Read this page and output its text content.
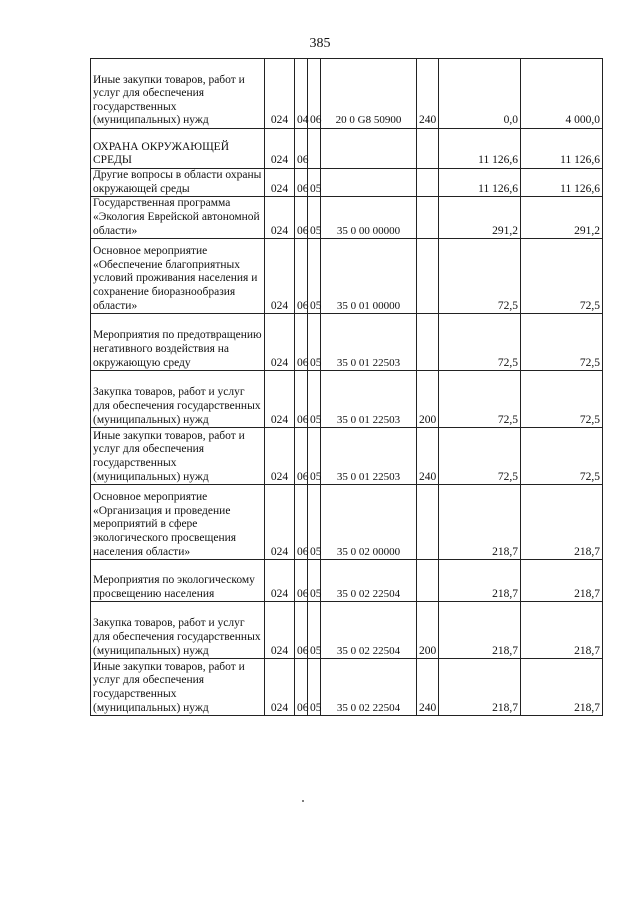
385
Иные закупки товаров, работ и услуг для обеспечения государственных (муниципальных) нужд	024	04	06	20 0 G8 50900	240	0,0	4 000,0
ОХРАНА ОКРУЖАЮЩЕЙ СРЕДЫ	024	06				11 126,6	11 126,6
Другие вопросы в области охраны окружающей среды	024	06	05			11 126,6	11 126,6
Государственная программа «Экология Еврейской автономной области»	024	06	05	35 0 00 00000		291,2	291,2
Основное мероприятие «Обеспечение благоприятных условий проживания населения и сохранение биоразнообразия области»	024	06	05	35 0 01 00000		72,5	72,5
Мероприятия по предотвращению негативного воздействия на окружающую среду	024	06	05	35 0 01 22503		72,5	72,5
Закупка товаров, работ и услуг для обеспечения государственных (муниципальных) нужд	024	06	05	35 0 01 22503	200	72,5	72,5
Иные закупки товаров, работ и услуг для обеспечения государственных (муниципальных) нужд	024	06	05	35 0 01 22503	240	72,5	72,5
Основное мероприятие «Организация и проведение мероприятий в сфере экологического просвещения населения области»	024	06	05	35 0 02 00000		218,7	218,7
Мероприятия по экологическому просвещению населения	024	06	05	35 0 02 22504		218,7	218,7
Закупка товаров, работ и услуг для обеспечения государственных (муниципальных) нужд	024	06	05	35 0 02 22504	200	218,7	218,7
Иные закупки товаров, работ и услуг для обеспечения государственных (муниципальных) нужд	024	06	05	35 0 02 22504	240	218,7	218,7
